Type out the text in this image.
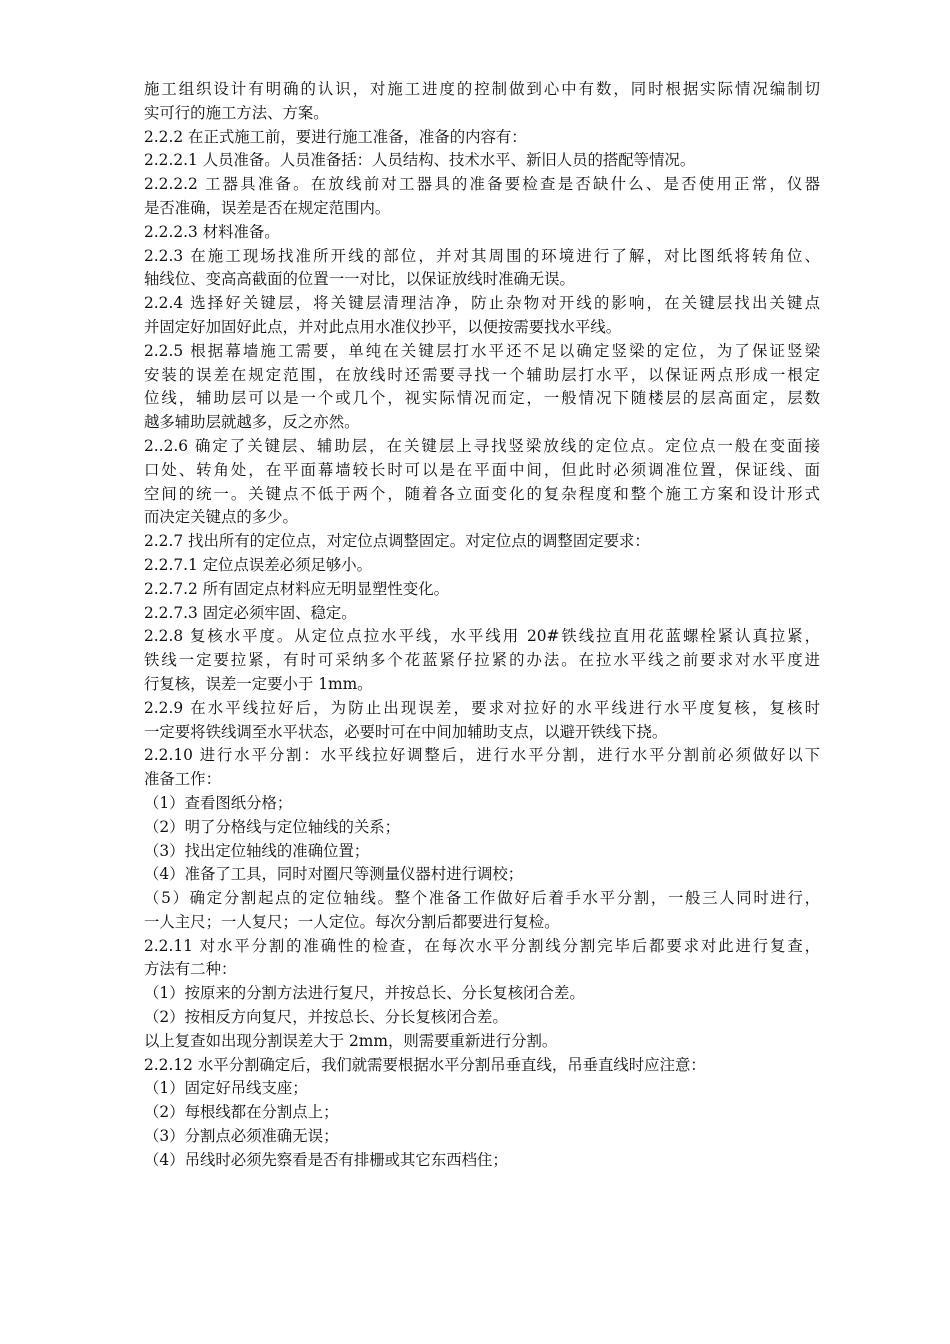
施工组织设计有明确的认识，对施工进度的控制做到心中有数，同时根据实际情况编制切
实可行的施工方法、方案。
2.2.2 在正式施工前，要进行施工准备，准备的内容有：
2.2.2.1 人员准备。人员准备括：人员结构、技术水平、新旧人员的搭配等情况。
2.2.2.2 工器具准备。在放线前对工器具的准备要检查是否缺什么、是否使用正常，仪器
是否准确，误差是否在规定范围内。
2.2.2.3 材料准备。
2.2.3 在施工现场找准所开线的部位，并对其周围的环境进行了解，对比图纸将转角位、
轴线位、变高高截面的位置一一对比，以保证放线时准确无误。
2.2.4 选择好关键层，将关键层清理洁净，防止杂物对开线的影响，在关键层找出关键点
并固定好加固好此点，并对此点用水准仪抄平，以便按需要找水平线。
2.2.5 根据幕墙施工需要，单纯在关键层打水平还不足以确定竖梁的定位，为了保证竖梁
安装的误差在规定范围，在放线时还需要寻找一个辅助层打水平，以保证两点形成一根定
位线，辅助层可以是一个或几个，视实际情况而定，一般情况下随楼层的层高面定，层数
越多辅助层就越多，反之亦然。
2..2.6 确定了关键层、辅助层，在关键层上寻找竖梁放线的定位点。定位点一般在变面接
口处、转角处，在平面幕墙较长时可以是在平面中间，但此时必须调准位置，保证线、面
空间的统一。关键点不低于两个，随着各立面变化的复杂程度和整个施工方案和设计形式
而决定关键点的多少。
2.2.7 找出所有的定位点，对定位点调整固定。对定位点的调整固定要求：
2.2.7.1 定位点误差必须足够小。
2.2.7.2 所有固定点材料应无明显塑性变化。
2.2.7.3 固定必须牢固、稳定。
2.2.8 复核水平度。从定位点拉水平线，水平线用 20#铁线拉直用花蓝螺栓紧认真拉紧，
铁线一定要拉紧，有时可采纳多个花蓝紧仔拉紧的办法。在拉水平线之前要求对水平度进
行复核，误差一定要小于 1mm。
2.2.9 在水平线拉好后，为防止出现误差，要求对拉好的水平线进行水平度复核，复核时
一定要将铁线调至水平状态，必要时可在中间加辅助支点，以避开铁线下挠。
2.2.10 进行水平分割：水平线拉好调整后，进行水平分割，进行水平分割前必须做好以下
准备工作：
（1）查看图纸分格；
（2）明了分格线与定位轴线的关系；
（3）找出定位轴线的准确位置；
（4）准备了工具，同时对圈尺等测量仪器村进行调校；
（5）确定分割起点的定位轴线。整个准备工作做好后着手水平分割，一般三人同时进行，
一人主尺；一人复尺；一人定位。每次分割后都要进行复检。
2.2.11 对水平分割的准确性的检查，在每次水平分割线分割完毕后都要求对此进行复查，
方法有二种：
（1）按原来的分割方法进行复尺，并按总长、分长复核闭合差。
（2）按相反方向复尺，并按总长、分长复核闭合差。
以上复查如出现分割误差大于 2mm，则需要重新进行分割。
2.2.12 水平分割确定后，我们就需要根据水平分割吊垂直线，吊垂直线时应注意：
（1）固定好吊线支座；
（2）每根线都在分割点上；
（3）分割点必须准确无误；
（4）吊线时必须先察看是否有排栅或其它东西档住；
